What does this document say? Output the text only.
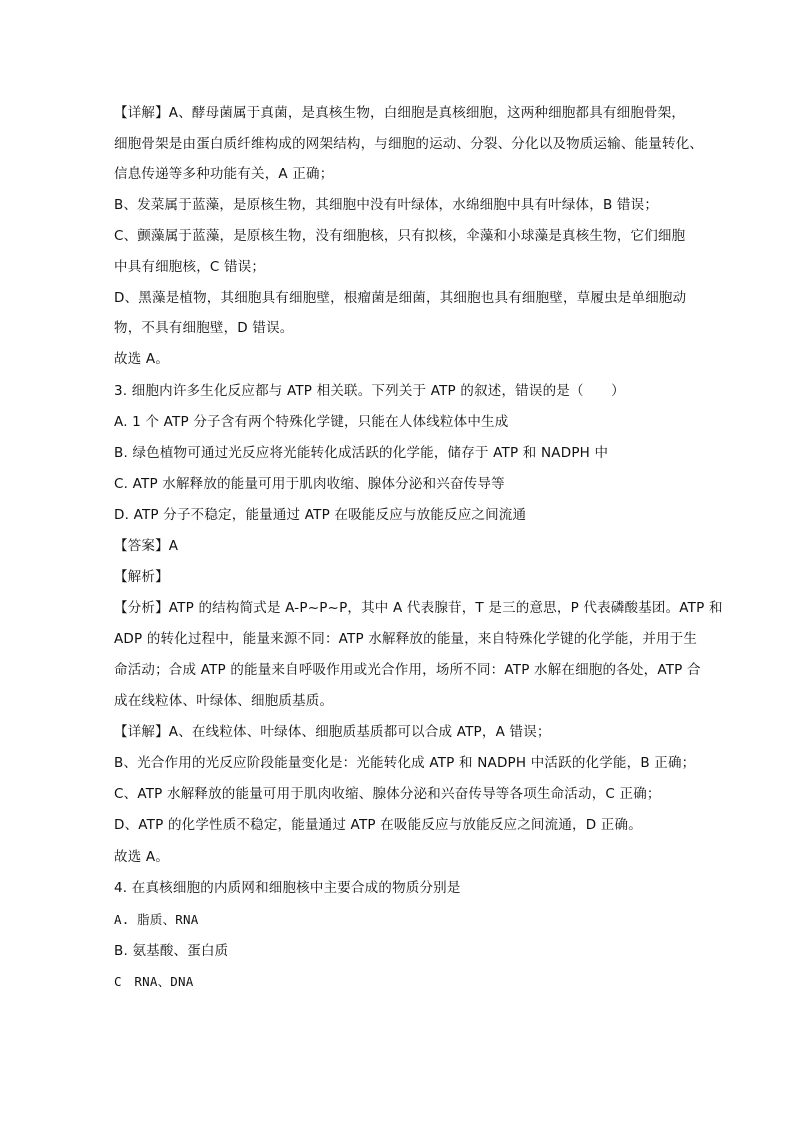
【详解】A、酵母菌属于真菌，是真核生物，白细胞是真核细胞，这两种细胞都具有细胞骨架，
细胞骨架是由蛋白质纤维构成的网架结构，与细胞的运动、分裂、分化以及物质运输、能量转化、
信息传递等多种功能有关，A 正确；
B、发菜属于蓝藻，是原核生物，其细胞中没有叶绿体，水绵细胞中具有叶绿体，B 错误；
C、颤藻属于蓝藻，是原核生物，没有细胞核，只有拟核，伞藻和小球藻是真核生物，它们细胞
中具有细胞核，C 错误；
D、黑藻是植物，其细胞具有细胞壁，根瘤菌是细菌，其细胞也具有细胞壁，草履虫是单细胞动
物，不具有细胞壁，D 错误。
故选 A。
3. 细胞内许多生化反应都与 ATP 相关联。下列关于 ATP 的叙述，错误的是（　　）
A. 1 个 ATP 分子含有两个特殊化学键，只能在人体线粒体中生成
B. 绿色植物可通过光反应将光能转化成活跃的化学能，储存于 ATP 和 NADPH 中
C. ATP 水解释放的能量可用于肌肉收缩、腺体分泌和兴奋传导等
D. ATP 分子不稳定，能量通过 ATP 在吸能反应与放能反应之间流通
【答案】A
【解析】
【分析】ATP 的结构简式是 A-P~P~P，其中 A 代表腺苷，T 是三的意思，P 代表磷酸基团。ATP 和
ADP 的转化过程中，能量来源不同：ATP 水解释放的能量，来自特殊化学键的化学能，并用于生
命活动；合成 ATP 的能量来自呼吸作用或光合作用，场所不同：ATP 水解在细胞的各处，ATP 合
成在线粒体、叶绿体、细胞质基质。
【详解】A、在线粒体、叶绿体、细胞质基质都可以合成 ATP，A 错误；
B、光合作用的光反应阶段能量变化是：光能转化成 ATP 和 NADPH 中活跃的化学能，B 正确；
C、ATP 水解释放的能量可用于肌肉收缩、腺体分泌和兴奋传导等各项生命活动，C 正确；
D、ATP 的化学性质不稳定，能量通过 ATP 在吸能反应与放能反应之间流通，D 正确。
故选 A。
4. 在真核细胞的内质网和细胞核中主要合成的物质分别是
A. 脂质、RNA
B. 氨基酸、蛋白质
C　RNA、DNA
